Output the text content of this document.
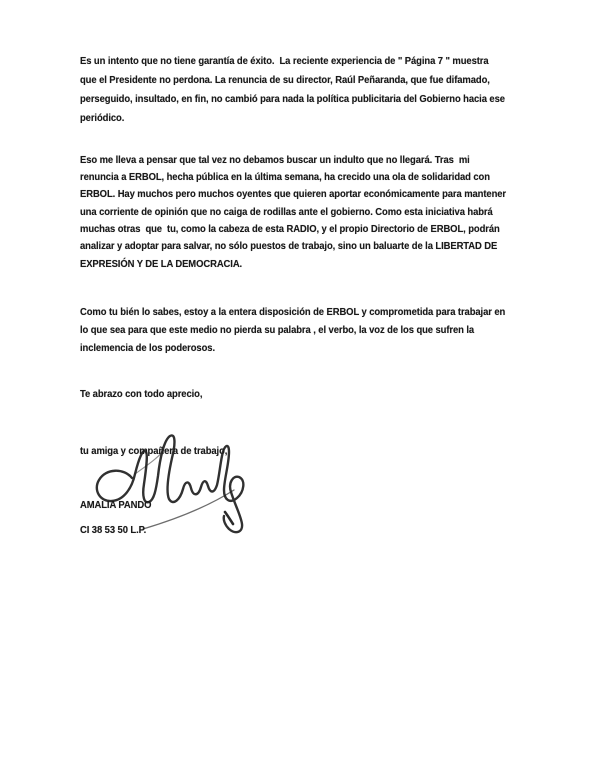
Es un intento que no tiene garantía de éxito.  La reciente experiencia de " Página 7 " muestra
que el Presidente no perdona. La renuncia de su director, Raúl Peñaranda, que fue difamado,
perseguido, insultado, en fin, no cambió para nada la política publicitaria del Gobierno hacia ese
periódico.
Eso me lleva a pensar que tal vez no debamos buscar un indulto que no llegará. Tras  mi
renuncia a ERBOL, hecha pública en la última semana, ha crecido una ola de solidaridad con
ERBOL. Hay muchos pero muchos oyentes que quieren aportar económicamente para mantener
una corriente de opinión que no caiga de rodillas ante el gobierno. Como esta iniciativa habrá
muchas otras  que  tu, como la cabeza de esta RADIO, y el propio Directorio de ERBOL, podrán
analizar y adoptar para salvar, no sólo puestos de trabajo, sino un baluarte de la LIBERTAD DE
EXPRESIÓN Y DE LA DEMOCRACIA.
Como tu bién lo sabes, estoy a la entera disposición de ERBOL y comprometida para trabajar en
lo que sea para que este medio no pierda su palabra , el verbo, la voz de los que sufren la
inclemencia de los poderosos.
Te abrazo con todo aprecio,
tu amiga y compañera de trabajo,
AMALIA PANDO
CI 38 53 50 L.P.
